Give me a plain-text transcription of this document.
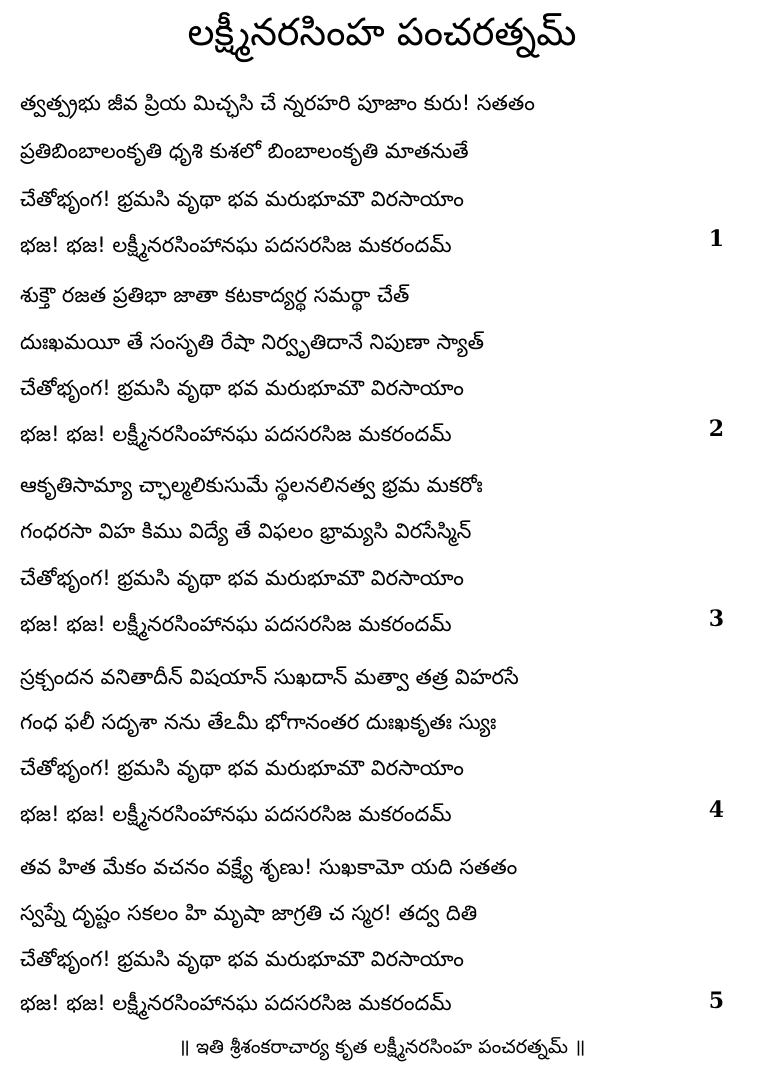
లక్ష్మీనరసింహ పంచరత్నమ్
త్వత్ప్రభు జీవ ప్రియ మిచ్ఛసి చే న్నరహరి పూజాం కురు! సతతం
ప్రతిబింబాలంకృతి ధృశి కుశలో బింబాలంకృతి మాతనుతే
చేతోభృంగ! భ్రమసి వృథా భవ మరుభూమౌ విరసాయాం
భజ! భజ! లక్ష్మీనరసింహానఘ పదసరసిజ మకరందమ్	1
శుక్తౌ రజత ప్రతిభా జాతా కటకాద్యర్థ సమర్థా చేత్
దుఃఖమయీ తే సంసృతి రేషా నిర్వృతిదానే నిపుణా స్యాత్
చేతోభృంగ! భ్రమసి వృథా భవ మరుభూమౌ విరసాయాం
భజ! భజ! లక్ష్మీనరసింహానఘ పదసరసిజ మకరందమ్	2
ఆకృతిసామ్యా చ్ఛాల్మలికుసుమే స్థలనలినత్వ భ్రమ మకరోః
గంధరసా విహ కిము విద్యే తే విఫలం భ్రామ్యసి విరసేస్మిన్
చేతోభృంగ! భ్రమసి వృథా భవ మరుభూమౌ విరసాయాం
భజ! భజ! లక్ష్మీనరసింహానఘ పదసరసిజ మకరందమ్	3
స్రక్చందన వనితాదీన్ విషయాన్ సుఖదాన్ మత్వా తత్ర విహరసే
గంధ ఫలీ సదృశా నను తేఽమీ భోగానంతర దుఃఖకృతః స్యుః
చేతోభృంగ! భ్రమసి వృథా భవ మరుభూమౌ విరసాయాం
భజ! భజ! లక్ష్మీనరసింహానఘ పదసరసిజ మకరందమ్	4
తవ హిత మేకం వచనం వక్ష్యే శృణు! సుఖకామో యది సతతం
స్వప్నే దృష్టం సకలం హి మృషా జాగ్రతి చ స్మర! తద్వ దితి
చేతోభృంగ! భ్రమసి వృథా భవ మరుభూమౌ విరసాయాం
భజ! భజ! లక్ష్మీనరసింహానఘ పదసరసిజ మకరందమ్	5
॥ ఇతి శ్రీశంకరాచార్య కృత లక్ష్మీనరసింహ పంచరత్నమ్ ॥
